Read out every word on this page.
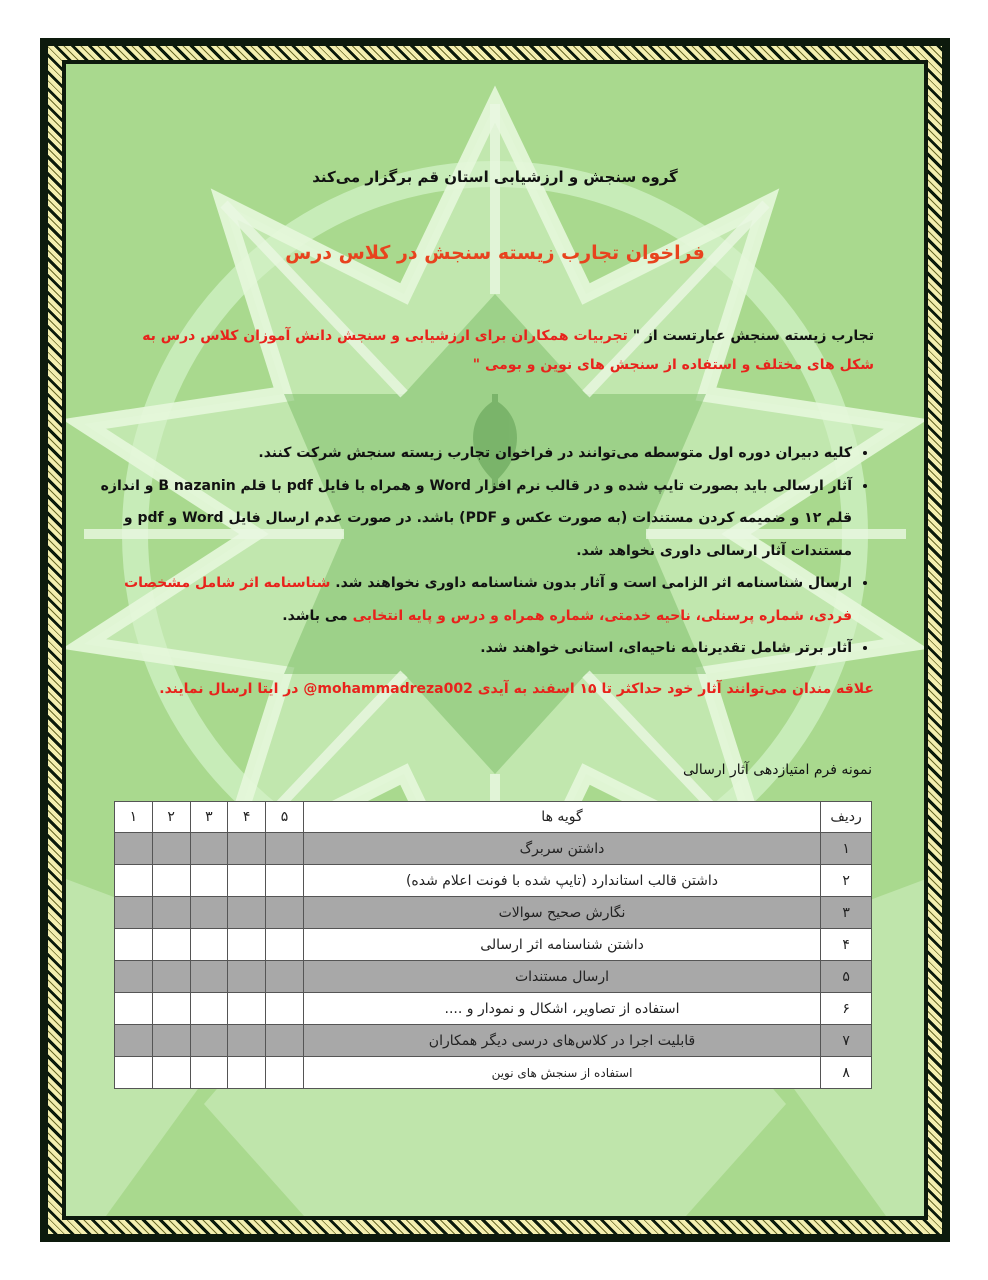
گروه سنجش و ارزشیابی استان قم برگزار می‌کند
فراخوان تجارب زیسته سنجش در کلاس درس
تجارب زیسته سنجش عبارتست از " تجربیات همکاران برای ارزشیابی و سنجش دانش آموزان کلاس درس به شکل های مختلف و استفاده از سنجش های نوین و بومی "
• کلیه دبیران دوره اول متوسطه می‌توانند در فراخوان تجارب زیسته سنجش شرکت کنند.
• آثار ارسالی باید بصورت تایپ شده و در قالب نرم افزار Word و همراه با فایل pdf با قلم B nazanin و اندازه قلم ۱۲ و ضمیمه کردن مستندات (به صورت عکس و PDF) باشد. در صورت عدم ارسال فایل Word و pdf و مستندات آثار ارسالی داوری نخواهد شد.
• ارسال شناسنامه اثر الزامی است و آثار بدون شناسنامه داوری نخواهند شد. شناسنامه اثر شامل مشخصات فردی، شماره پرسنلی، ناحیه خدمتی، شماره همراه و درس و پایه انتخابی می باشد.
• آثار برتر شامل تقدیرنامه ناحیه‌ای، استانی خواهند شد.
علاقه مندان می‌توانند آثار خود حداکثر تا ۱۵ اسفند به آیدی mohammadreza002@ در ایتا ارسال نمایند.
نمونه فرم امتیازدهی آثار ارسالی
ردیف	گویه ها	۵	۴	۳	۲	۱
۱	داشتن سربرگ					
۲	داشتن قالب استاندارد (تایپ شده با فونت اعلام شده)					
۳	نگارش صحیح سوالات					
۴	داشتن شناسنامه اثر ارسالی					
۵	ارسال مستندات					
۶	استفاده از تصاویر، اشکال و نمودار و ....					
۷	قابلیت اجرا در کلاس‌های درسی دیگر همکاران					
۸	استفاده از سنجش های نوین					
